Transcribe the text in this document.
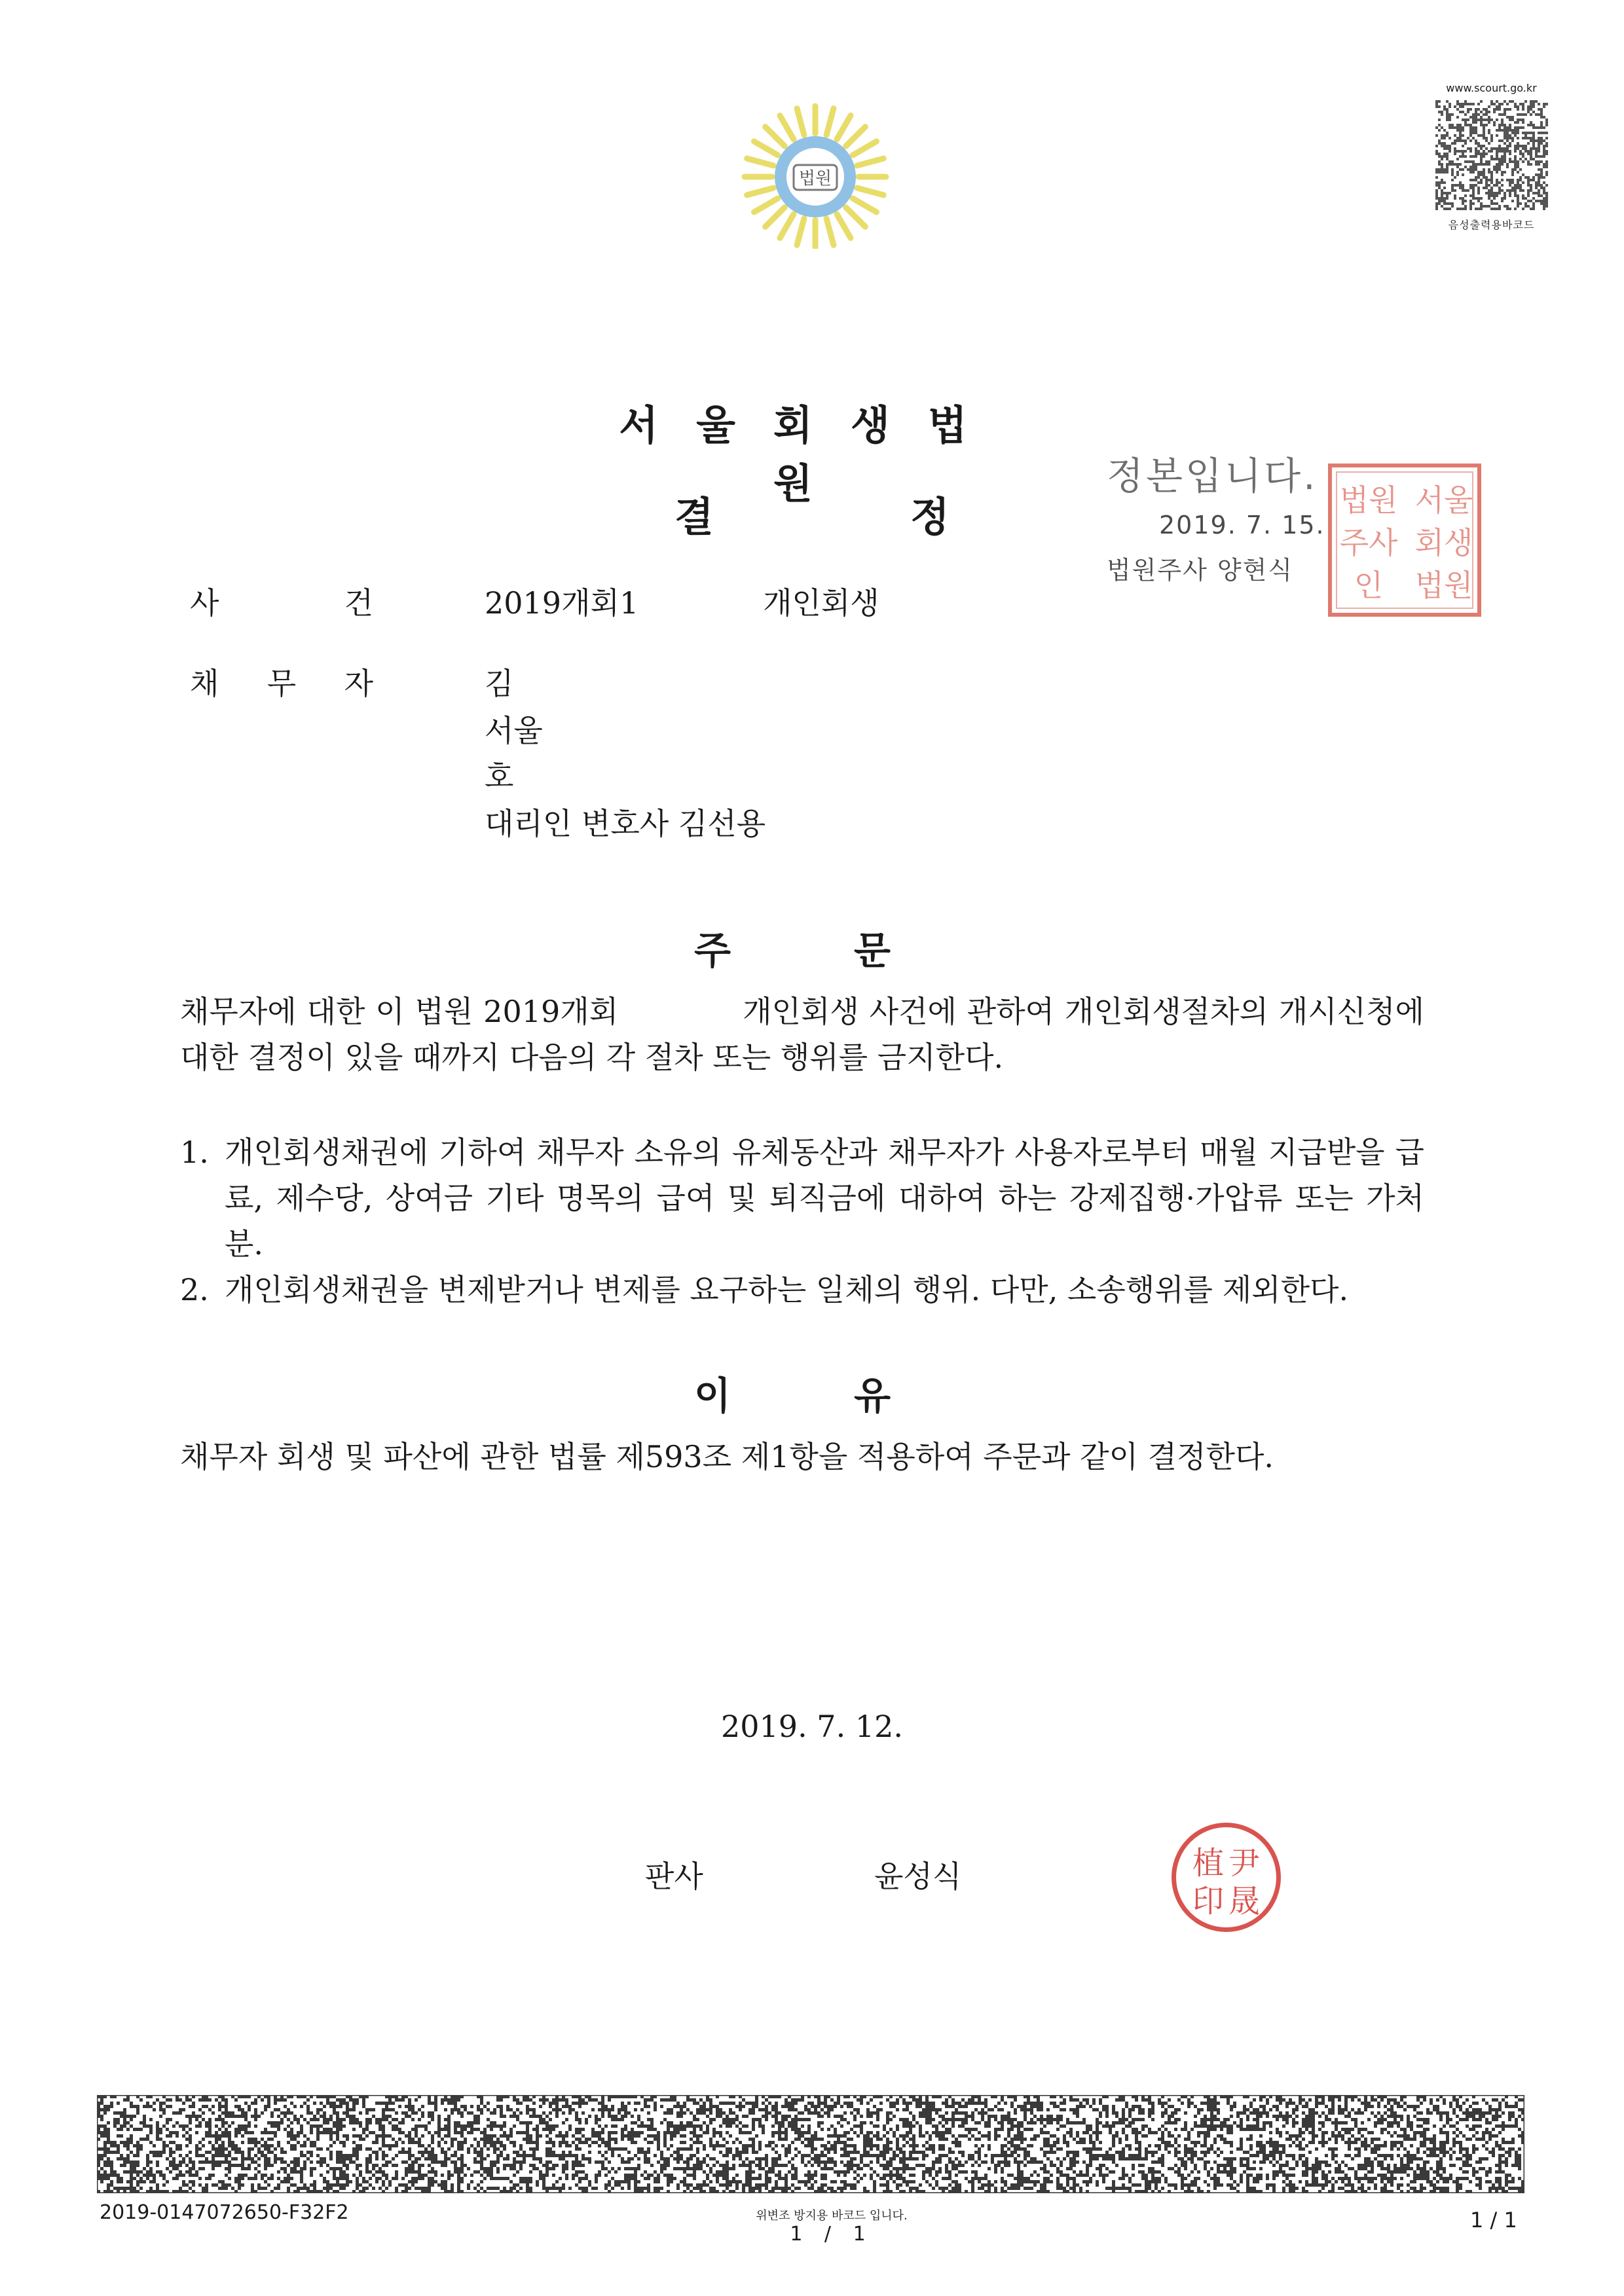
법원
www.scourt.go.kr
음성출력용바코드
서울회생법원
결	정
정본입니다.
2019. 7. 15.
법원주사 양현식
서울
회생
법원
법원
주사
인
사	건	2019개회1	개인회생
채 무 자	김
서울
호
대리인 변호사 김선용
주	문
채무자에 대한 이 법원 2019개회	개인회생 사건에 관하여 개인회생절차의 개시신청에 대한 결정이 있을 때까지 다음의 각 절차 또는 행위를 금지한다.
1. 개인회생채권에 기하여 채무자 소유의 유체동산과 채무자가 사용자로부터 매월 지급받을 급료, 제수당, 상여금 기타 명목의 급여 및 퇴직금에 대하여 하는 강제집행·가압류 또는 가처분.
2. 개인회생채권을 변제받거나 변제를 요구하는 일체의 행위. 다만, 소송행위를 제외한다.
이	유
채무자 회생 및 파산에 관한 법률 제593조 제1항을 적용하여 주문과 같이 결정한다.
2019. 7. 12.
판사	윤성식	尹
植
晟
印
2019-0147072650-F32F2	위변조 방지용 바코드 입니다.
1 / 1
1 / 1
